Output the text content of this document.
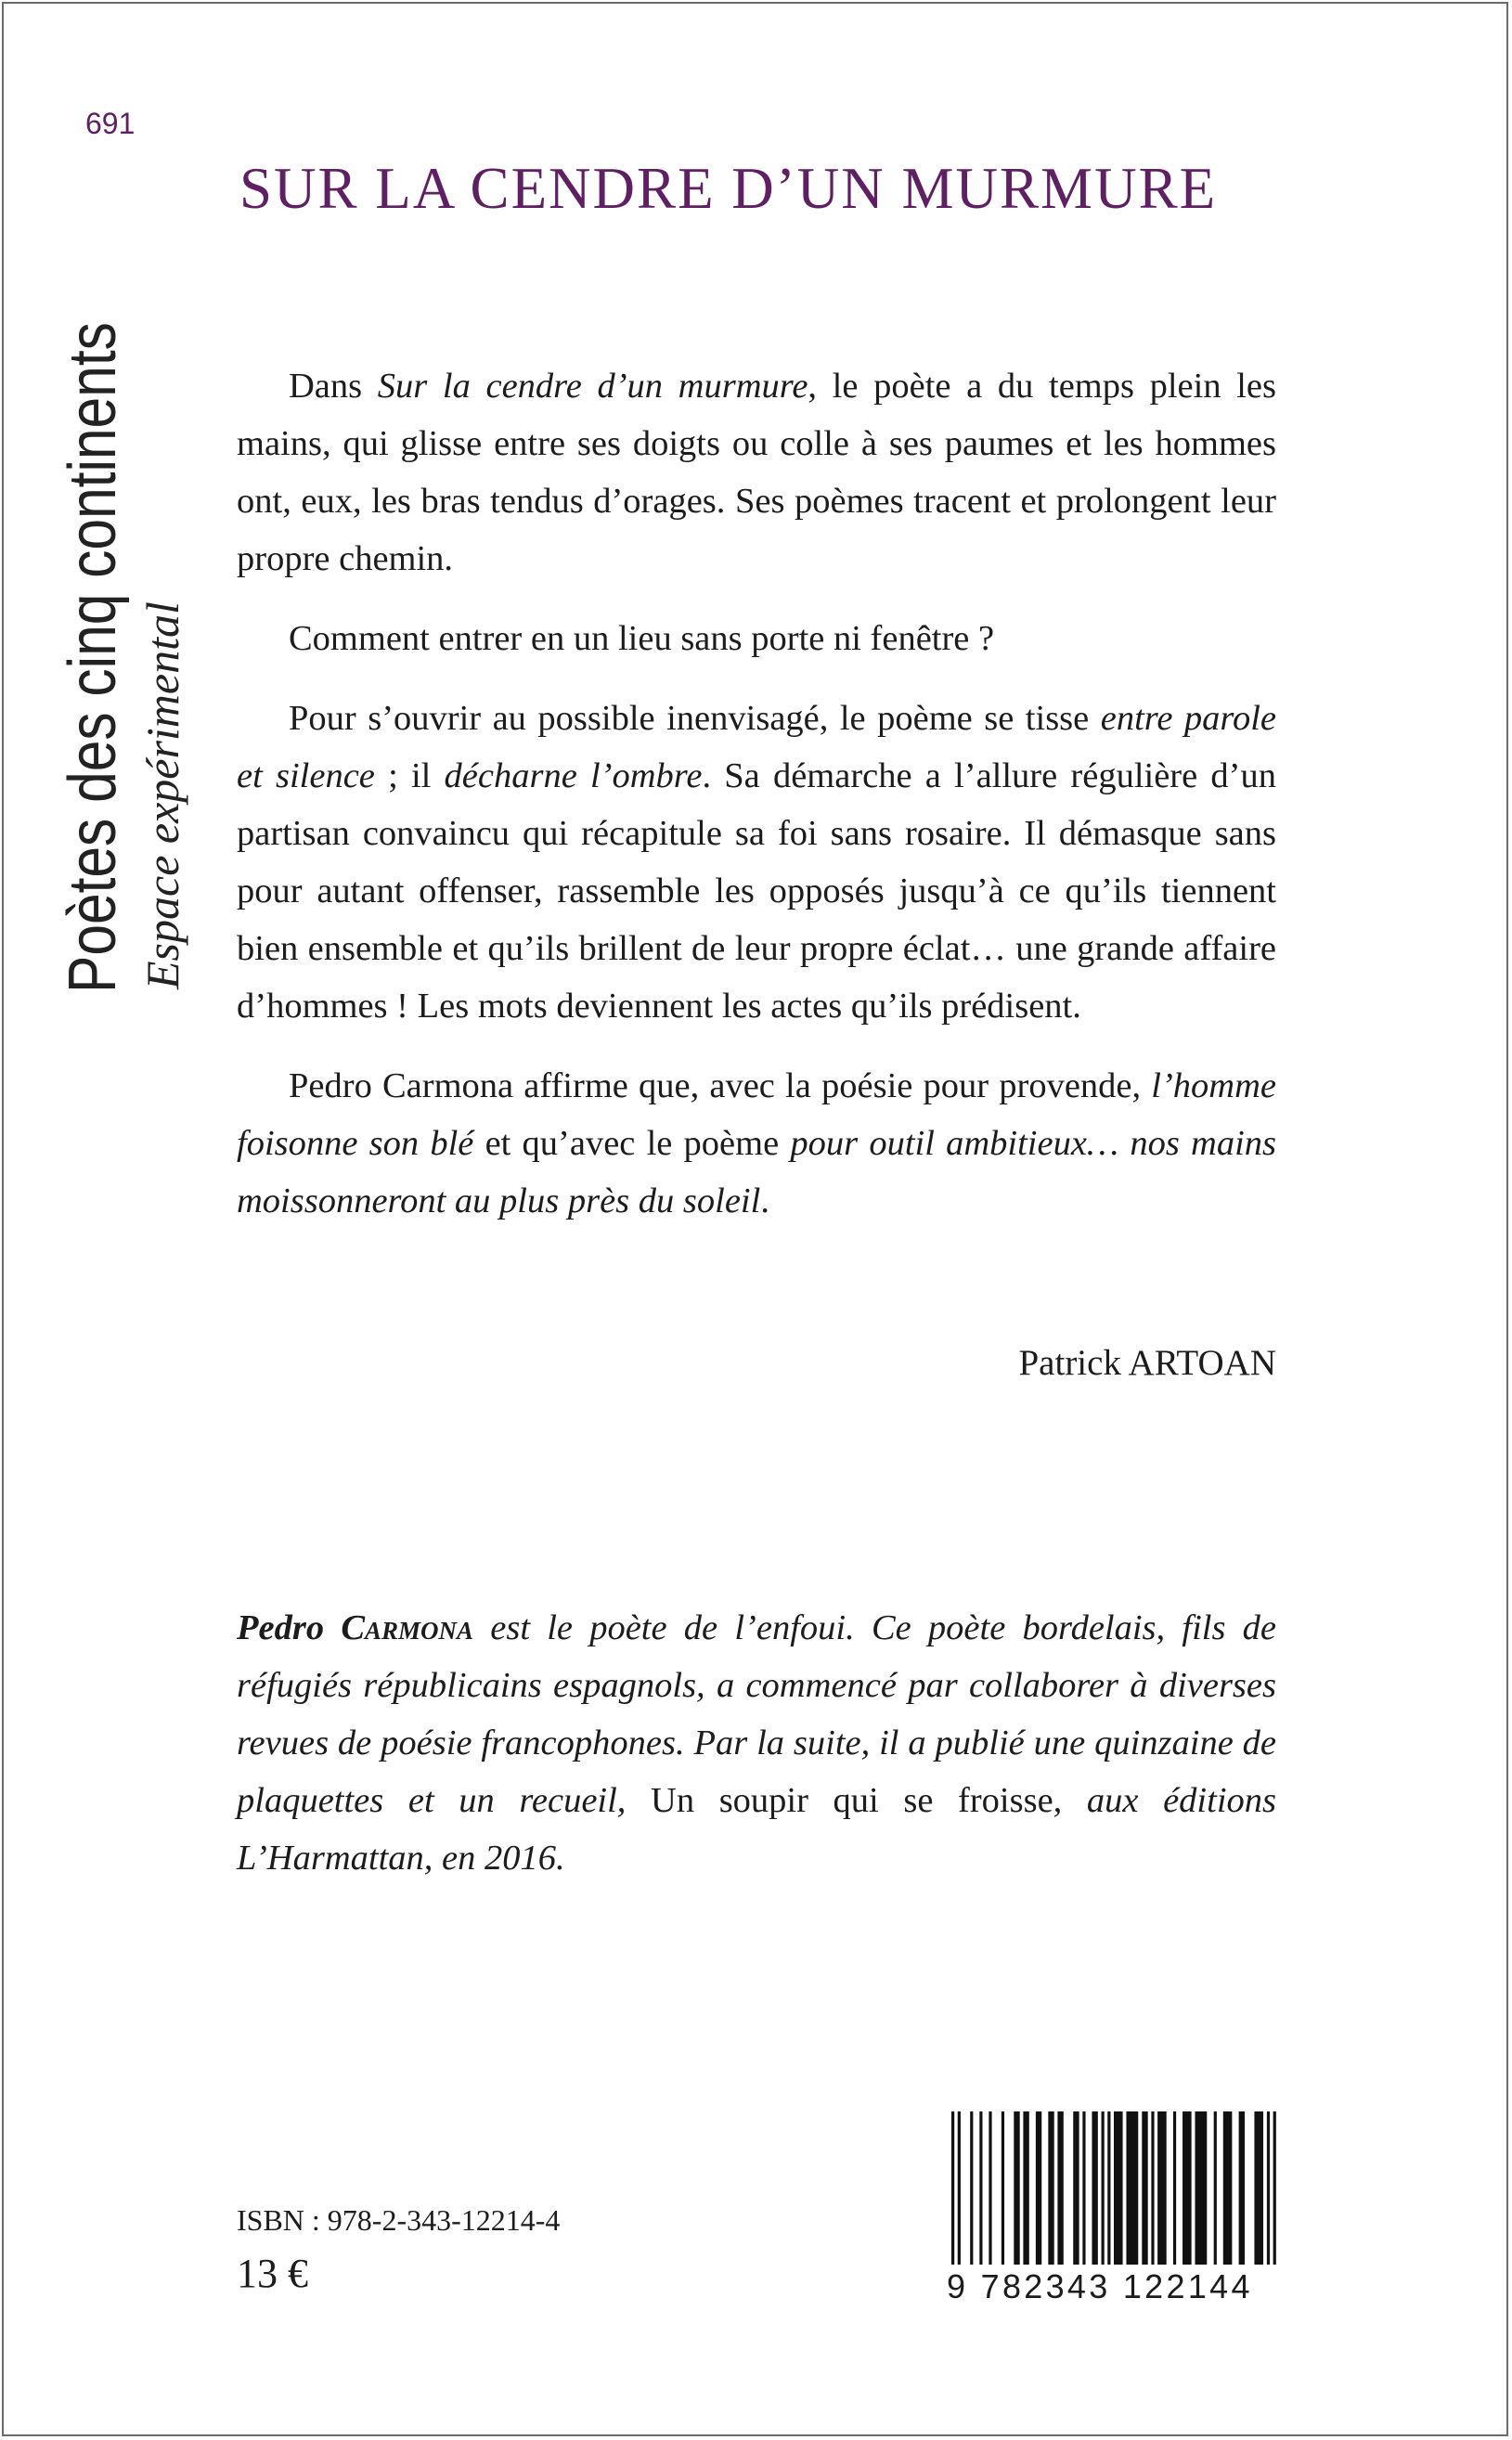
691
Poètes des cinq continents Espace expérimental
SUR LA CENDRE D’UN MURMURE

Dans Sur la cendre d’un murmure, le poète a du temps plein les mains, qui glisse entre ses doigts ou colle à ses paumes et les hommes ont, eux, les bras tendus d’orages. Ses poèmes tracent et prolongent leur propre chemin.

Comment entrer en un lieu sans porte ni fenêtre ?

Pour s’ouvrir au possible inenvisagé, le poème se tisse entre parole et silence ; il décharne l’ombre. Sa démarche a l’allure régulière d’un partisan convaincu qui récapitule sa foi sans rosaire. Il démasque sans pour autant offenser, rassemble les opposés jusqu’à ce qu’ils tiennent bien ensemble et qu’ils brillent de leur propre éclat… une grande affaire d’hommes ! Les mots deviennent les actes qu’ils prédisent.

Pedro Carmona affirme que, avec la poésie pour provende, l’homme foisonne son blé et qu’avec le poème pour outil ambitieux… nos mains moissonneront au plus près du soleil.

Patrick ARTOAN
Pedro Carmona est le poète de l’enfoui. Ce poète bordelais, fils de réfugiés républicains espagnols, a commencé par collaborer à diverses revues de poésie francophones. Par la suite, il a publié une quinzaine de plaquettes et un recueil, Un soupir qui se froisse, aux éditions L’Harmattan, en 2016.
ISBN : 978-2-343-12214-4
13 €	9 782343 122144
